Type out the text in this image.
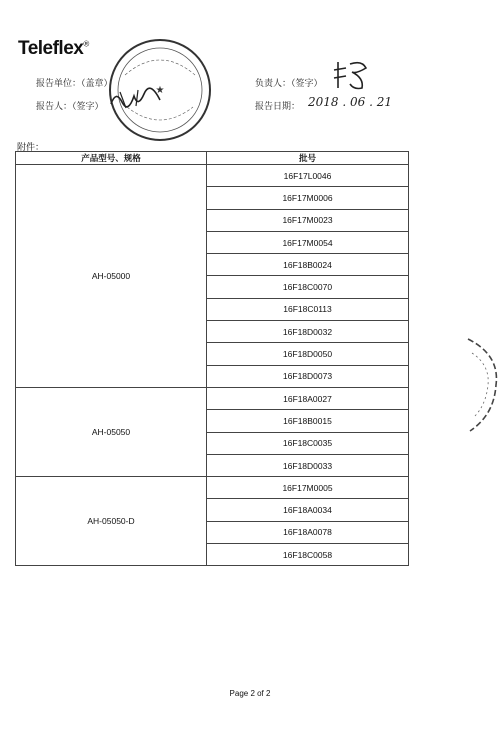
Teleflex®
报告单位：（盖章）
报告人：（签字）
负责人：（签字）
报告日期： 2018 . 06 . 21
★
附件：
产品型号、规格	批号
AH-05000	16F17L0046
	16F17M0006
	16F17M0023
	16F17M0054
	16F18B0024
	16F18C0070
	16F18C0113
	16F18D0032
	16F18D0050
	16F18D0073
AH-05050	16F18A0027
	16F18B0015
	16F18C0035
	16F18D0033
AH-05050-D	16F17M0005
	16F18A0034
	16F18A0078
	16F18C0058
Page 2 of 2
